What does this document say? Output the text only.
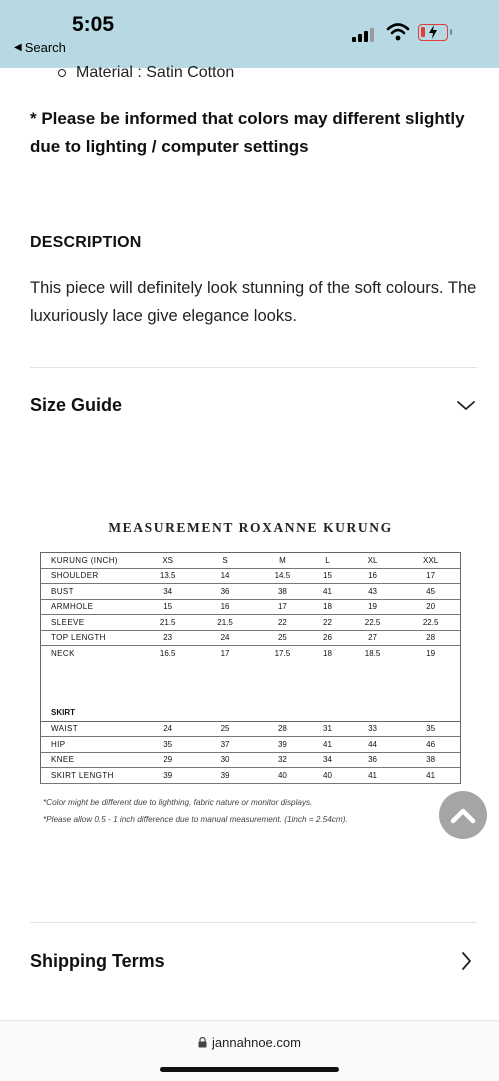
5:05
◀ Search
Material : Satin Cotton
* Please be informed that colors may different slightly due to lighting / computer settings
DESCRIPTION
This piece will definitely look stunning of the soft colours. The luxuriously lace give elegance looks.
Size Guide
MEASUREMENT ROXANNE KURUNG
KURUNG (INCH)	XS	S	M	L	XL	XXL
SHOULDER	13.5	14	14.5	15	16	17
BUST	34	36	38	41	43	45
ARMHOLE	15	16	17	18	19	20
SLEEVE	21.5	21.5	22	22	22.5	22.5
TOP LENGTH	23	24	25	26	27	28
NECK	16.5	17	17.5	18	18.5	19

SKIRT						
WAIST	24	25	28	31	33	35
HIP	35	37	39	41	44	46
KNEE	29	30	32	34	36	38
SKIRT LENGTH	39	39	40	40	41	41
*Color might be different due to lighthing, fabric nature or monitor displays.
*Please allow 0.5 - 1 inch difference due to manual measurement. (1inch = 2.54cm).
Shipping Terms
jannahnoe.com
